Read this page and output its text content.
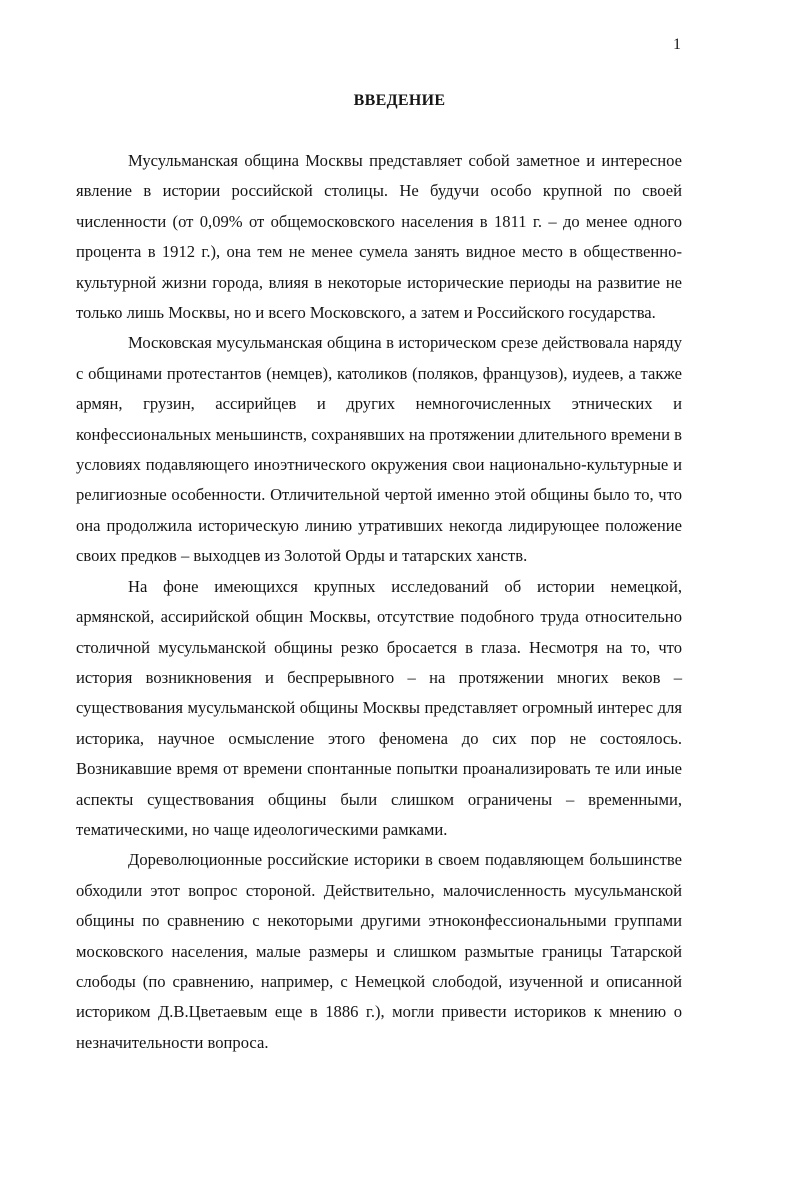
1
ВВЕДЕНИЕ

Мусульманская община Москвы представляет собой заметное и интересное явление в истории российской столицы. Не будучи особо крупной по своей численности (от 0,09% от общемосковского населения в 1811 г. – до менее одного процента в 1912 г.), она тем не менее сумела занять видное место в общественно-культурной жизни города, влияя в некоторые исторические периоды на развитие не только лишь Москвы, но и всего Московского, а затем и Российского государства.

Московская мусульманская община в историческом срезе действовала наряду с общинами протестантов (немцев), католиков (поляков, французов), иудеев, а также армян, грузин, ассирийцев и других немногочисленных этнических и конфессиональных меньшинств, сохранявших на протяжении длительного времени в условиях подавляющего иноэтнического окружения свои национально-культурные и религиозные особенности. Отличительной чертой именно этой общины было то, что она продолжила историческую линию утративших некогда лидирующее положение своих предков – выходцев из Золотой Орды и татарских ханств.

На фоне имеющихся крупных исследований об истории немецкой, армянской, ассирийской общин Москвы, отсутствие подобного труда относительно столичной мусульманской общины резко бросается в глаза. Несмотря на то, что история возникновения и беспрерывного – на протяжении многих веков – существования мусульманской общины Москвы представляет огромный интерес для историка, научное осмысление этого феномена до сих пор не состоялось. Возникавшие время от времени спонтанные попытки проанализировать те или иные аспекты существования общины были слишком ограничены – временными, тематическими, но чаще идеологическими рамками.

Дореволюционные российские историки в своем подавляющем большинстве обходили этот вопрос стороной. Действительно, малочисленность мусульманской общины по сравнению с некоторыми другими этноконфессиональными группами московского населения, малые размеры и слишком размытые границы Татарской слободы (по сравнению, например, с Немецкой слободой, изученной и описанной историком Д.В.Цветаевым еще в 1886 г.), могли привести историков к мнению о незначительности вопроса.
